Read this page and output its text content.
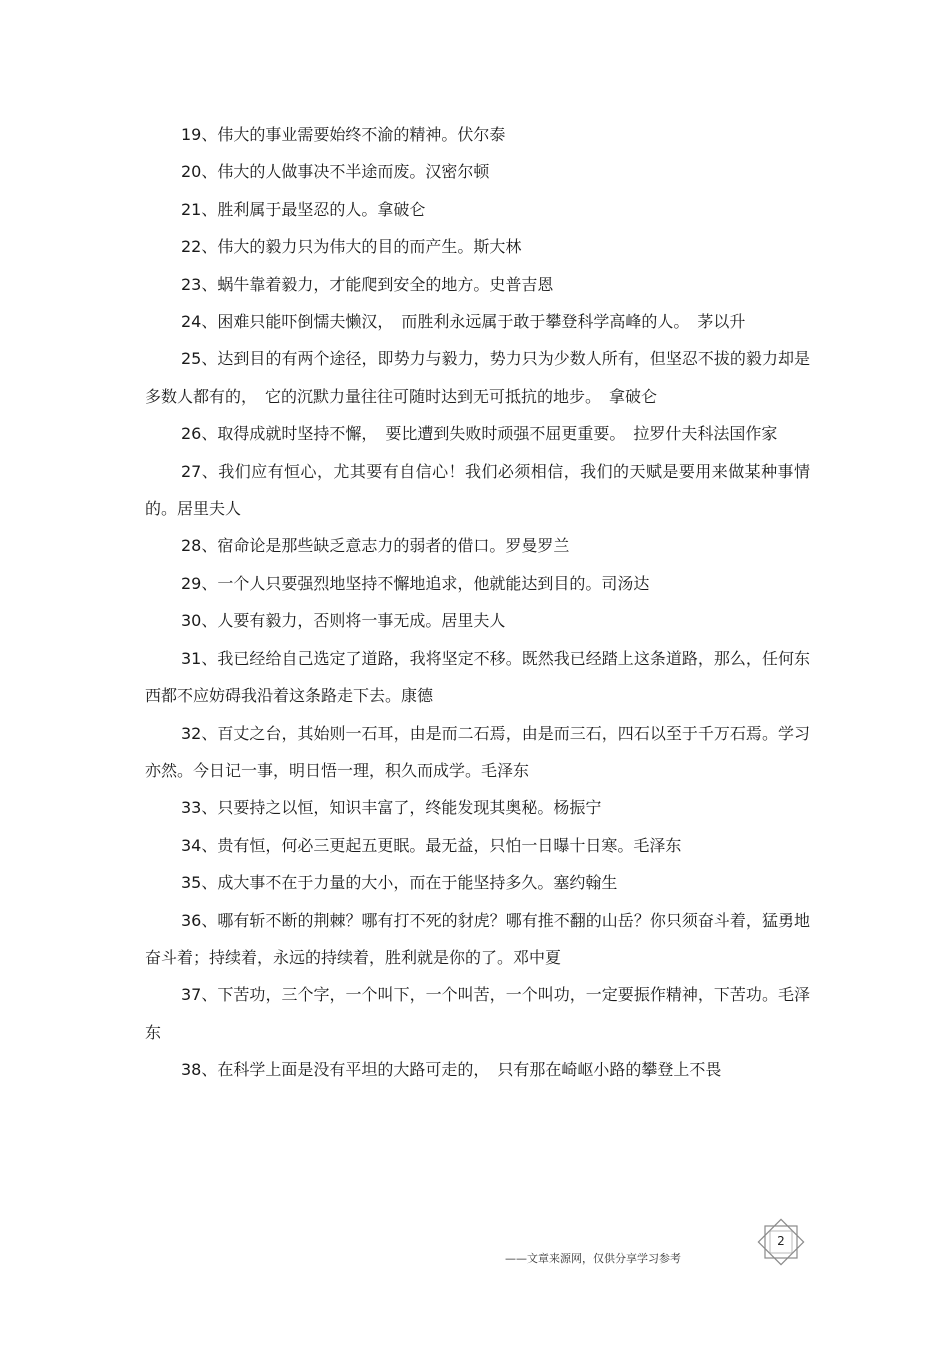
19、伟大的事业需要始终不渝的精神。伏尔泰

20、伟大的人做事决不半途而废。汉密尔顿

21、胜利属于最坚忍的人。拿破仑

22、伟大的毅力只为伟大的目的而产生。斯大林

23、蜗牛靠着毅力，才能爬到安全的地方。史普吉恩

24、困难只能吓倒懦夫懒汉，　而胜利永远属于敢于攀登科学高峰的人。　茅以升

25、达到目的有两个途径，即势力与毅力，势力只为少数人所有，但坚忍不拔的毅力却是多数人都有的，　它的沉默力量往往可随时达到无可抵抗的地步。　拿破仑

26、取得成就时坚持不懈，　要比遭到失败时顽强不屈更重要。　拉罗什夫科法国作家

27、我们应有恒心，尤其要有自信心！我们必须相信，我们的天赋是要用来做某种事情的。居里夫人

28、宿命论是那些缺乏意志力的弱者的借口。罗曼罗兰

29、一个人只要强烈地坚持不懈地追求，他就能达到目的。司汤达

30、人要有毅力，否则将一事无成。居里夫人

31、我已经给自己选定了道路，我将坚定不移。既然我已经踏上这条道路，那么，任何东西都不应妨碍我沿着这条路走下去。康德

32、百丈之台，其始则一石耳，由是而二石焉，由是而三石，四石以至于千万石焉。学习亦然。今日记一事，明日悟一理，积久而成学。毛泽东

33、只要持之以恒，知识丰富了，终能发现其奥秘。杨振宁

34、贵有恒，何必三更起五更眠。最无益，只怕一日曝十日寒。毛泽东

35、成大事不在于力量的大小，而在于能坚持多久。塞约翰生

36、哪有斩不断的荆棘？哪有打不死的豺虎？哪有推不翻的山岳？你只须奋斗着，猛勇地奋斗着；持续着，永远的持续着，胜利就是你的了。邓中夏

37、下苦功，三个字，一个叫下，一个叫苦，一个叫功，一定要振作精神，下苦功。毛泽东

38、在科学上面是没有平坦的大路可走的，　只有那在崎岖小路的攀登上不畏

——文章来源网，仅供分享学习参考
2
